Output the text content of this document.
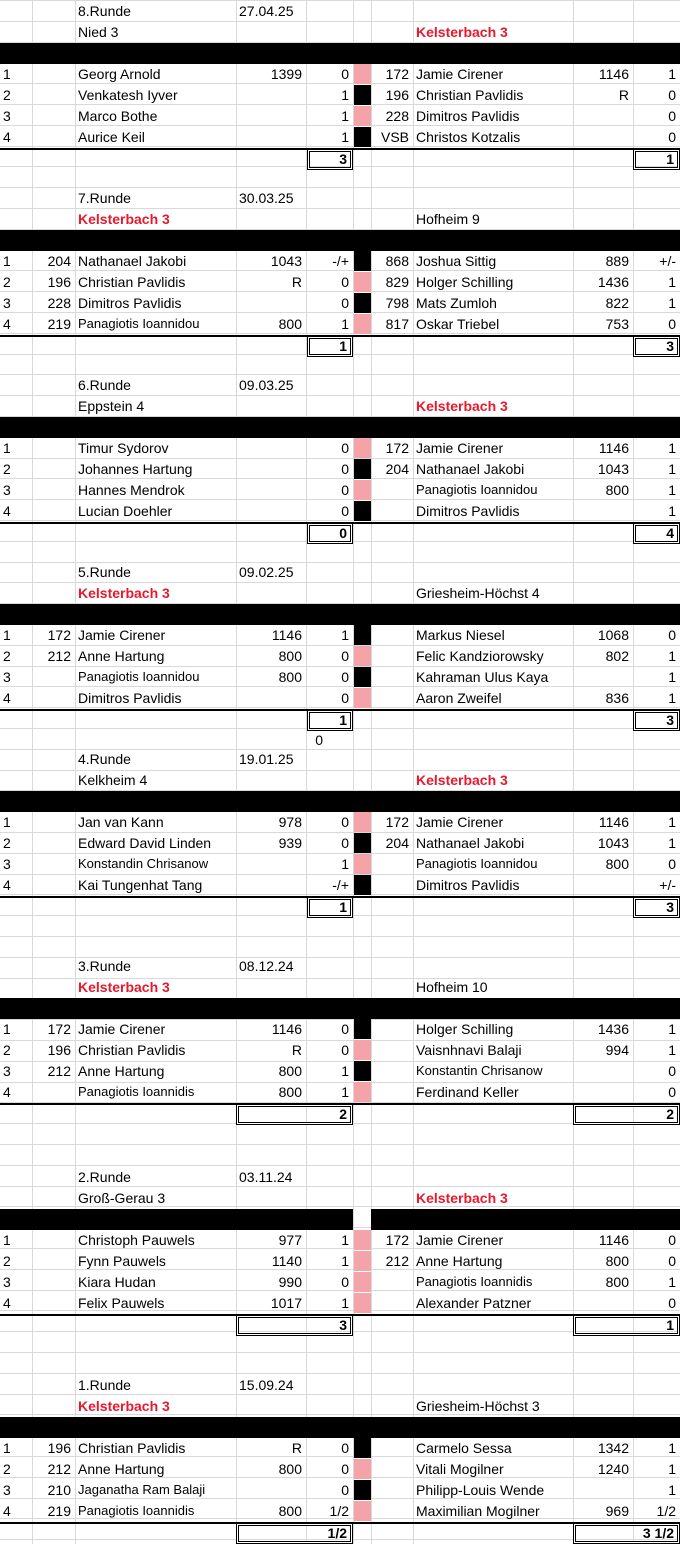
8.Runde	27.04.25
Nied 3	Kelsterbach 3
1	Georg Arnold	1399	0	172 Jamie Cirener	1146	1
2	Venkatesh Iyver	1	196 Christian Pavlidis	R	0
3	Marco Bothe	1	228 Dimitros Pavlidis	0
4	Aurice Keil	1	VSB Christos Kotzalis	0
3	1
7.Runde	30.03.25
Kelsterbach 3	Hofheim 9
1	204 Nathanael Jakobi	1043	-/+	868 Joshua Sittig	889	+/-
2	196 Christian Pavlidis	R	0	829 Holger Schilling	1436	1
3	228 Dimitros Pavlidis	0	798 Mats Zumloh	822	1
4	219 Panagiotis Ioannidou	800	1	817 Oskar Triebel	753	0
1	3
6.Runde	09.03.25
Eppstein 4	Kelsterbach 3
1	Timur Sydorov	0	172 Jamie Cirener	1146	1
2	Johannes Hartung	0	204 Nathanael Jakobi	1043	1
3	Hannes Mendrok	0	Panagiotis Ioannidou	800	1
4	Lucian Doehler	0	Dimitros Pavlidis	1
0	4
5.Runde	09.02.25
Kelsterbach 3	Griesheim-Höchst 4
1	172 Jamie Cirener	1146	1	Markus Niesel	1068	0
2	212 Anne Hartung	800	0	Felic Kandziorowsky	802	1
3	Panagiotis Ioannidou	800	0	Kahraman Ulus Kaya	1
4	Dimitros Pavlidis	0	Aaron Zweifel	836	1
1	3
0
4.Runde	19.01.25
Kelkheim 4	Kelsterbach 3
1	Jan van Kann	978	0	172 Jamie Cirener	1146	1
2	Edward David Linden	939	0	204 Nathanael Jakobi	1043	1
3	Konstandin Chrisanow	1	Panagiotis Ioannidou	800	0
4	Kai Tungenhat Tang	-/+	Dimitros Pavlidis	+/-
1	3
3.Runde	08.12.24
Kelsterbach 3	Hofheim 10
1	172 Jamie Cirener	1146	0	Holger Schilling	1436	1
2	196 Christian Pavlidis	R	0	Vaisnhnavi Balaji	994	1
3	212 Anne Hartung	800	1	Konstantin Chrisanow	0
4	Panagiotis Ioannidis	800	1	Ferdinand Keller	0
2	2
2.Runde	03.11.24
Groß-Gerau 3	Kelsterbach 3
1	Christoph Pauwels	977	1	172 Jamie Cirener	1146	0
2	Fynn Pauwels	1140	1	212 Anne Hartung	800	0
3	Kiara Hudan	990	0	Panagiotis Ioannidis	800	1
4	Felix Pauwels	1017	1	Alexander Patzner	0
3	1
1.Runde	15.09.24
Kelsterbach 3	Griesheim-Höchst 3
1	196 Christian Pavlidis	R	0	Carmelo Sessa	1342	1
2	212 Anne Hartung	800	0	Vitali Mogilner	1240	1
3	210 Jaganatha Ram Balaji	0	Philipp-Louis Wende	1
4	219 Panagiotis Ioannidis	800	1/2	Maximilian Mogilner	969	1/2
1/2	3 1/2
